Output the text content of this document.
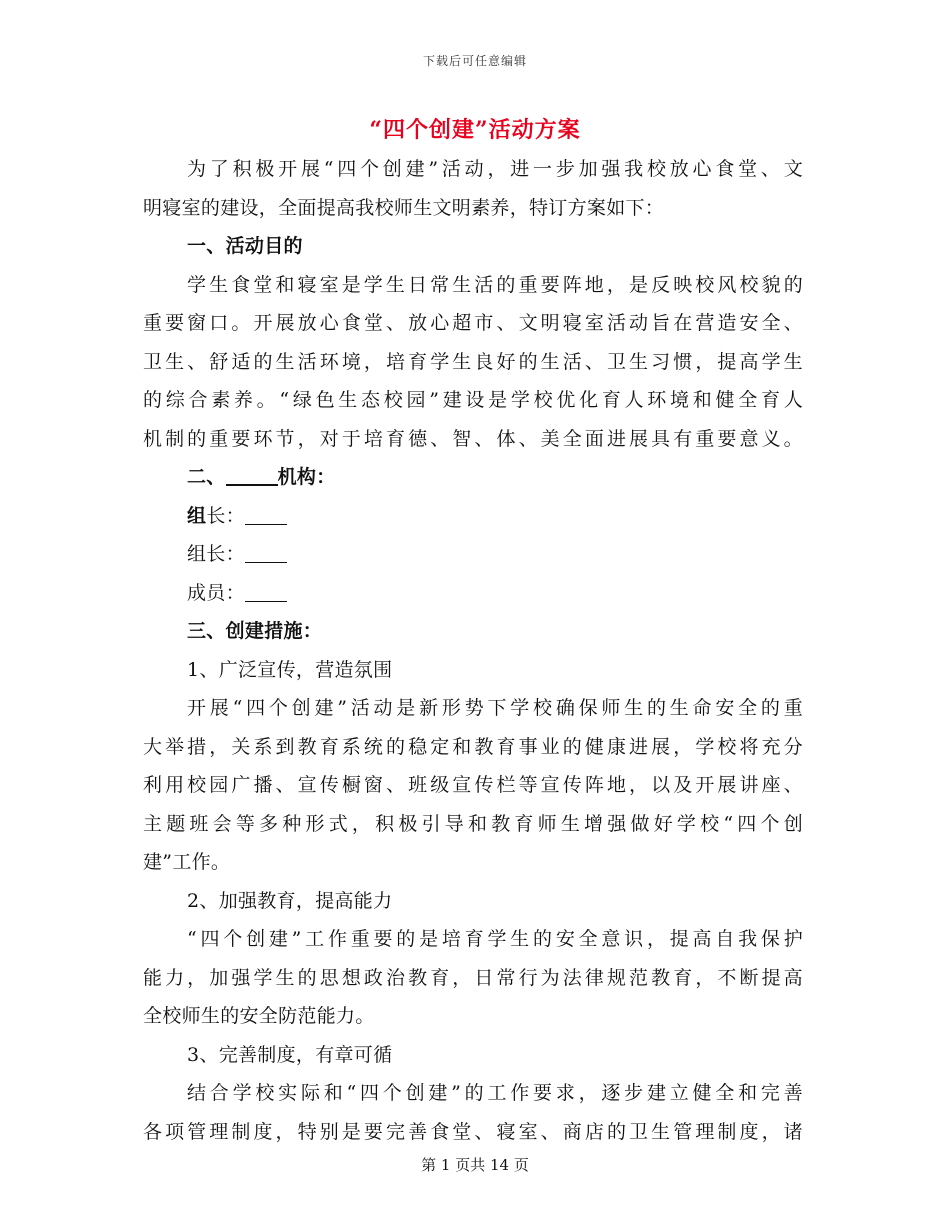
下载后可任意编辑
“四个创建”活动方案
为了积极开展“四个创建”活动，进一步加强我校放心食堂、文
明寝室的建设，全面提高我校师生文明素养，特订方案如下：
一、活动目的
学生食堂和寝室是学生日常生活的重要阵地，是反映校风校貌的
重要窗口。开展放心食堂、放心超市、文明寝室活动旨在营造安全、
卫生、舒适的生活环境，培育学生良好的生活、卫生习惯，提高学生
的综合素养。“绿色生态校园”建设是学校优化育人环境和健全育人
机制的重要环节，对于培育德、智、体、美全面进展具有重要意义。
二、	机构：
组长：
组长：
成员：
三、创建措施：
1、广泛宣传，营造氛围
开展“四个创建”活动是新形势下学校确保师生的生命安全的重
大举措，关系到教育系统的稳定和教育事业的健康进展，学校将充分
利用校园广播、宣传橱窗、班级宣传栏等宣传阵地，以及开展讲座、
主题班会等多种形式，积极引导和教育师生增强做好学校“四个创
建”工作。
2、加强教育，提高能力
“四个创建”工作重要的是培育学生的安全意识，提高自我保护
能力，加强学生的思想政治教育，日常行为法律规范教育，不断提高
全校师生的安全防范能力。
3、完善制度，有章可循
结合学校实际和“四个创建”的工作要求，逐步建立健全和完善
各项管理制度，特别是要完善食堂、寝室、商店的卫生管理制度，诸
第 1 页共 14 页
